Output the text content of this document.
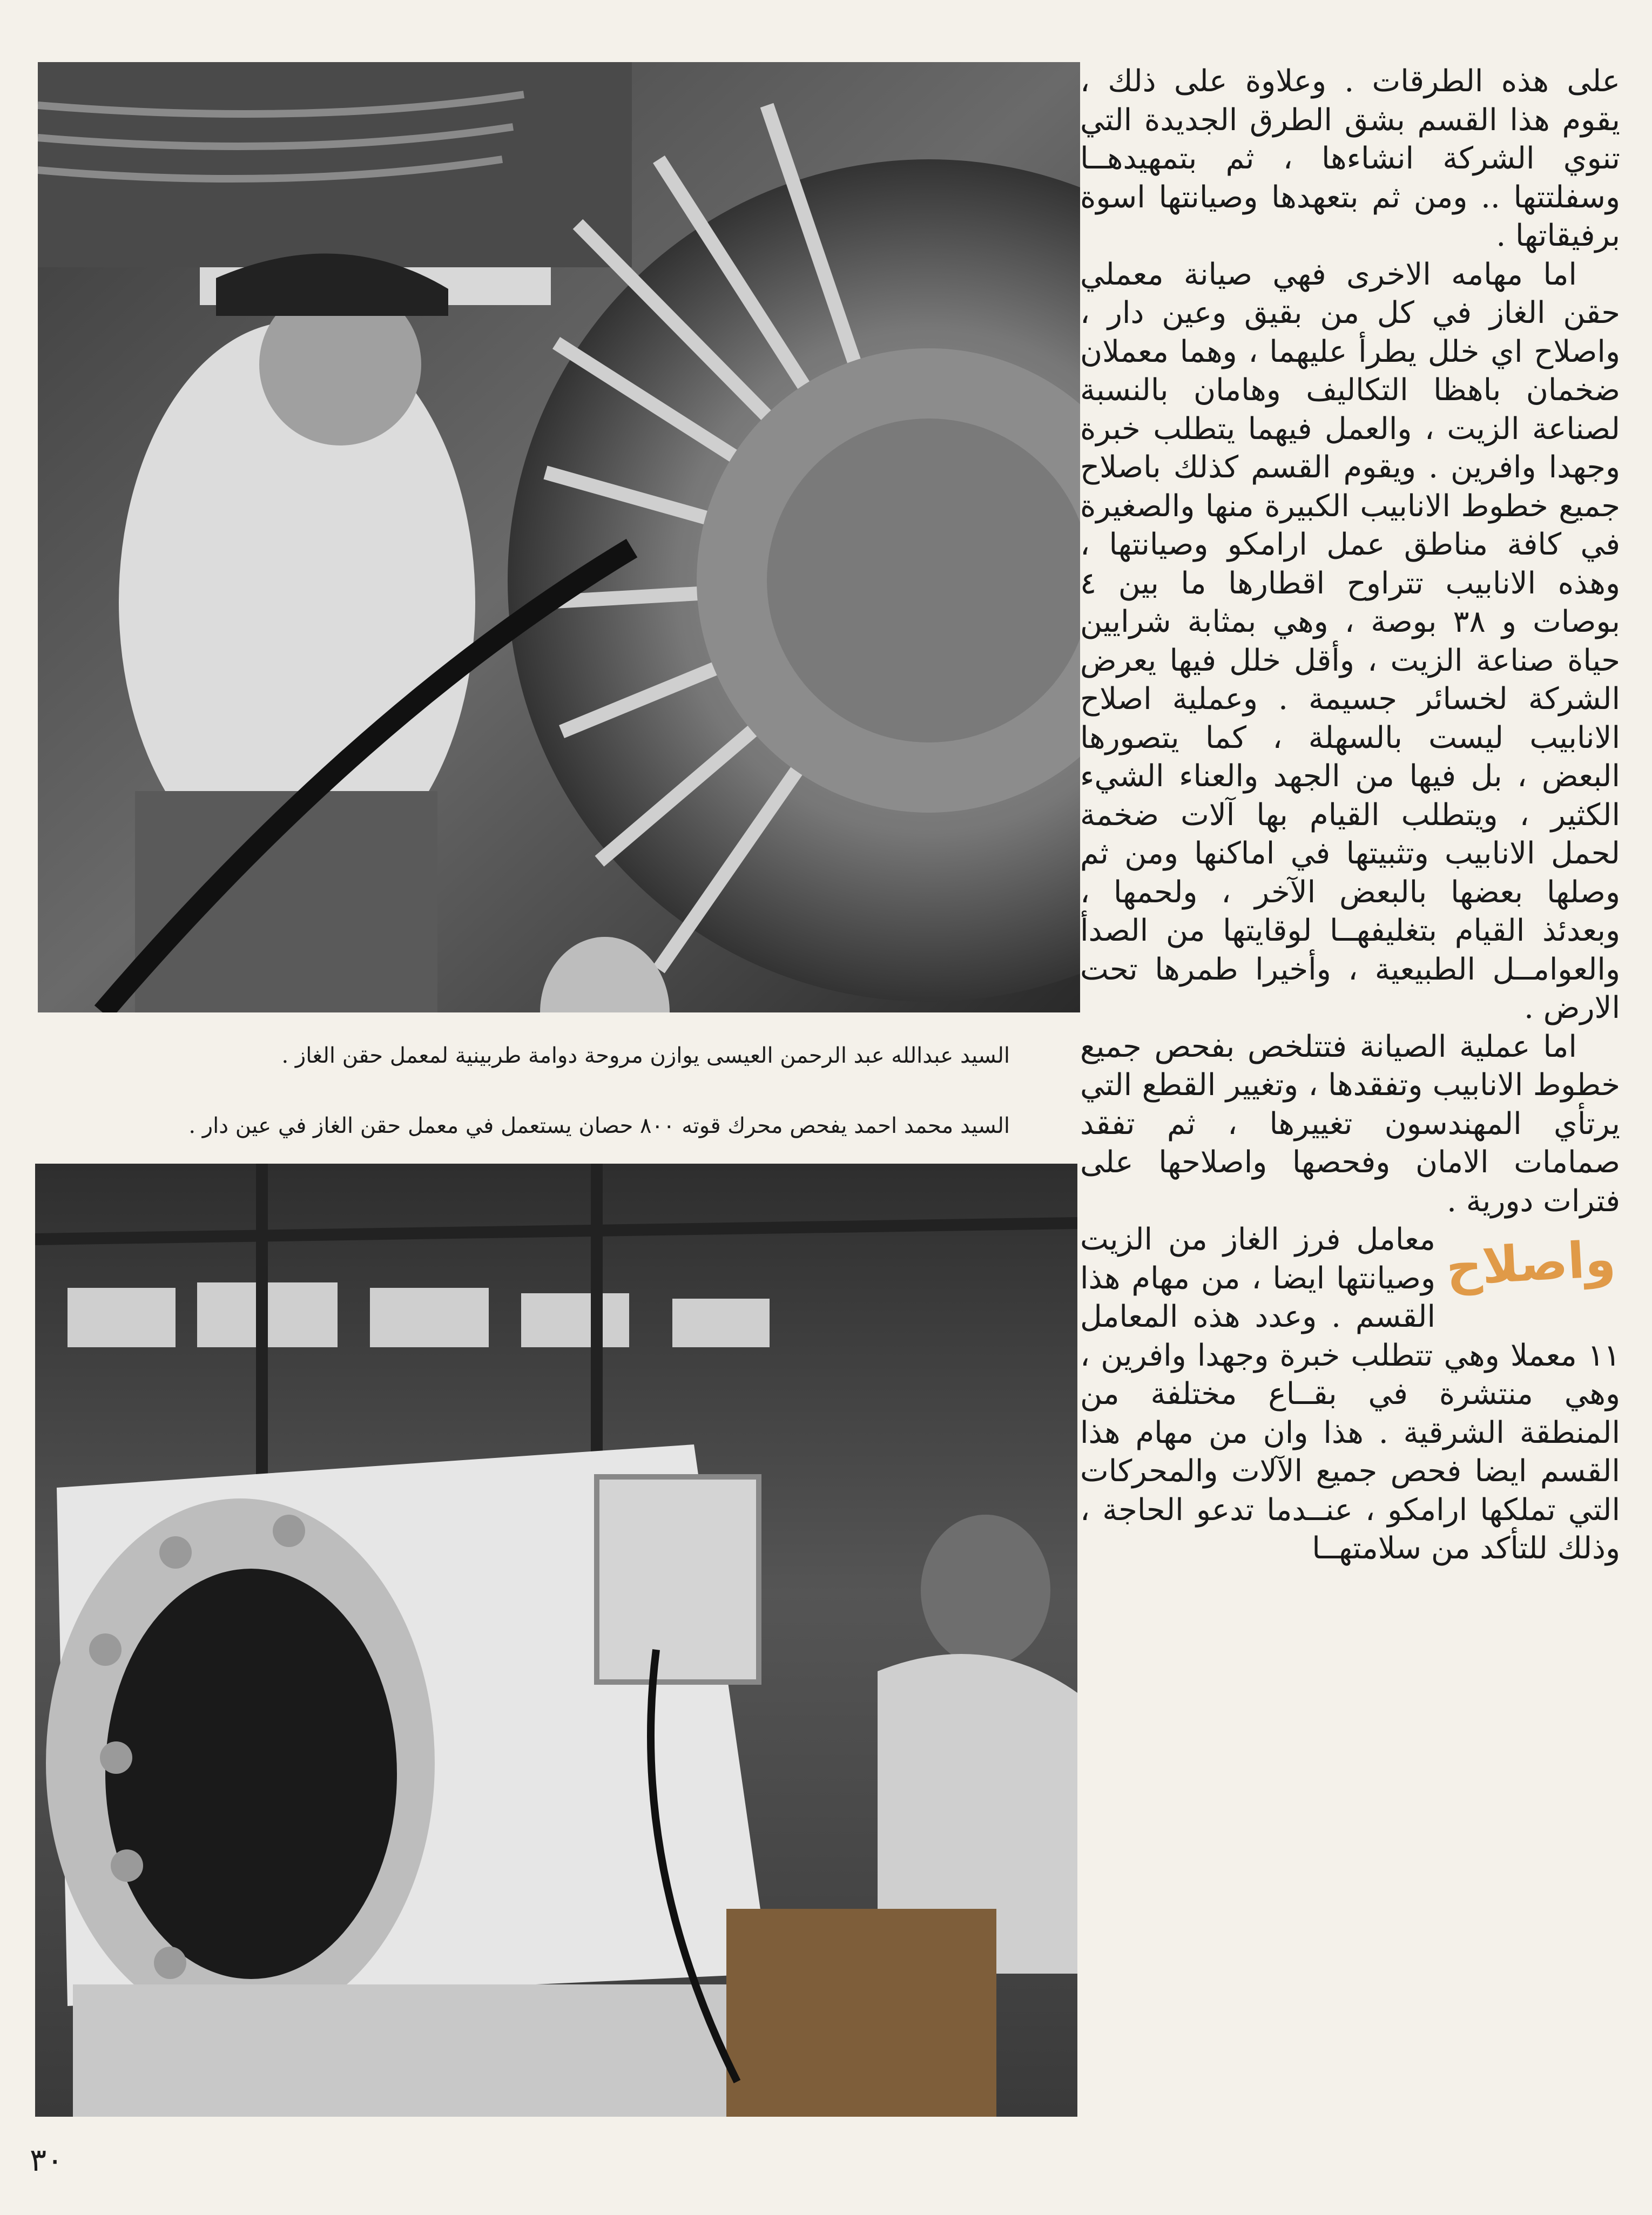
السيد عبدالله عبد الرحمن العيسى يوازن مروحة دوامة طربينية لمعمل حقن الغاز .
السيد محمد احمد يفحص محرك قوته ٨٠٠ حصان يستعمل في معمل حقن الغاز في عين دار .

على هذه الطرقات . وعلاوة على ذلك ، يقوم هذا القسم بشق الطرق الجديدة التي تنوي الشركة انشاءها ، ثم بتمهيدهــا وسفلتتها .. ومن ثم بتعهدها وصيانتها اسوة برفيقاتها .

اما مهامه الاخرى فهي صيانة معملي حقن الغاز في كل من بقيق وعين دار ، واصلاح اي خلل يطرأ عليهما ، وهما معملان ضخمان باهظا التكاليف وهامان بالنسبة لصناعة الزيت ، والعمل فيهما يتطلب خبرة وجهدا وافرين . ويقوم القسم كذلك باصلاح جميع خطوط الانابيب الكبيرة منها والصغيرة في كافة مناطق عمل ارامكو وصيانتها ، وهذه الانابيب تتراوح اقطارها ما بين ٤ بوصات و ٣٨ بوصة ، وهي بمثابة شرايين حياة صناعة الزيت ، وأقل خلل فيها يعرض الشركة لخسائر جسيمة . وعملية اصلاح الانابيب ليست بالسهلة ، كما يتصورها البعض ، بل فيها من الجهد والعناء الشيء الكثير ، ويتطلب القيام بها آلات ضخمة لحمل الانابيب وتثبيتها في اماكنها ومن ثم وصلها بعضها بالبعض الآخر ، ولحمها ، وبعدئذ القيام بتغليفهــا لوقايتها من الصدأ والعوامــل الطبيعية ، وأخيرا طمرها تحت الارض .

اما عملية الصيانة فتتلخص بفحص جميع خطوط الانابيب وتفقدها ، وتغيير القطع التي يرتأي المهندسون تغييرها ، ثم تفقد صمامات الامان وفحصها واصلاحها على فترات دورية .

واصلاح

معامل فرز الغاز من الزيت وصيانتها ايضا ، من مهام هذا القسم . وعدد هذه المعامل ١١ معملا وهي تتطلب خبرة وجهدا وافرين ، وهي منتشرة في بقــاع مختلفة من المنطقة الشرقية . هذا وان من مهام هذا القسم ايضا فحص جميع الآلات والمحركات التي تملكها ارامكو ، عنــدما تدعو الحاجة ، وذلك للتأكد من سلامتهــا

٣٠
